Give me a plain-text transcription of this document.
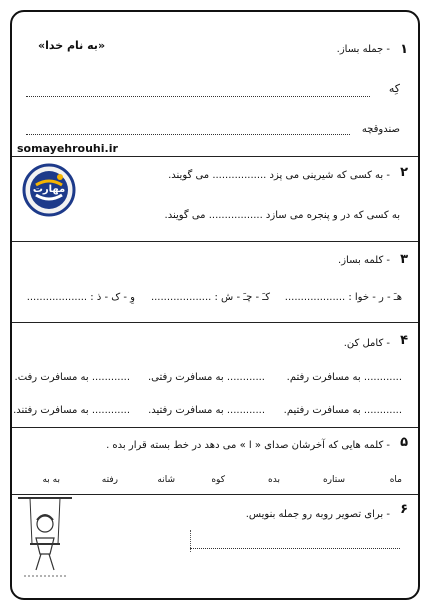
«به نام خدا»	۱
- جمله بساز.
كِه
صندوقچه
somayehrouhi.ir
مهارت
۲
- به کسی که شیرینی می پزد ................. می گویند.
به کسی که در و پنجره می سازد ................. می گویند.
۳
- کلمه بساز.
هـَ - ر - خوا : ...................
کـَ - چـَ - ش : ...................
وِ - ک - ذ : ...................
۴
- کامل کن.
............ به مسافرت رفتم.
............ به مسافرت رفتی.
............ به مسافرت رفت.
............ به مسافرت رفتیم.
............ به مسافرت رفتید.
............ به مسافرت رفتند.
۵
- کلمه هایی که آخرشان صدای « ا » می دهد در خط بسته قرار بده .
ماه
ستاره
بده
کوه
شانه
رفته
به به
۶
- برای تصویر روبه رو جمله بنویس.
